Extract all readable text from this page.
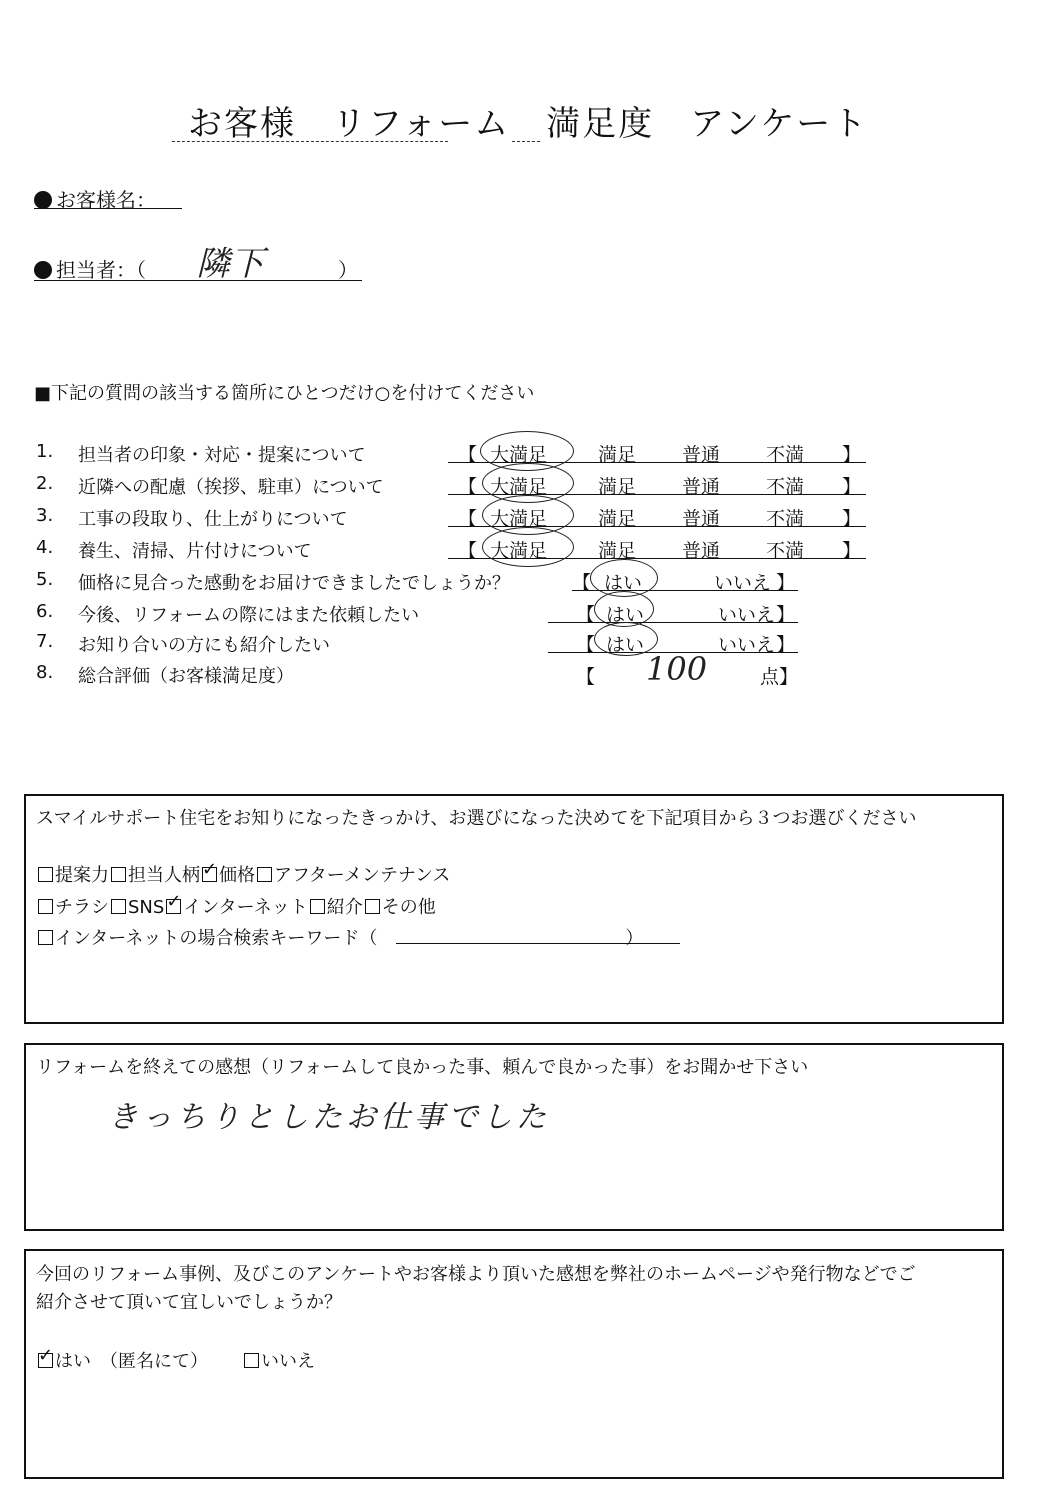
お客様　リフォーム　満足度　アンケート
お客様名：
担当者：（ 隣下	）
■下記の質問の該当する箇所にひとつだけ○を付けてください
1. 担当者の印象・対応・提案について	【 大満足	満足 普通 不満 】
2. 近隣への配慮（挨拶、駐車）について	【 大満足	満足 普通 不満 】
3. 工事の段取り、仕上がりについて	【 大満足	満足 普通 不満 】
4. 養生、清掃、片付けについて	【 大満足	満足 普通 不満 】
5. 価格に見合った感動をお届けできましたでしょうか？	【 はい	いいえ 】
6. 今後、リフォームの際にはまた依頼したい	【 はい	いいえ 】
7. お知り合いの方にも紹介したい	【 はい	いいえ 】
8. 総合評価（お客様満足度）	【 100	点】
スマイルサポート住宅をお知りになったきっかけ、お選びになった決めてを下記項目から３つお選びください
提案力 担当人柄 ✓ 価格 アフターメンテナンス
チラシ SNS ✓ インターネット 紹介 その他
インターネットの場合検索キーワード（	）
リフォームを終えての感想（リフォームして良かった事、頼んで良かった事）をお聞かせ下さい
きっちりとしたお仕事でした
今回のリフォーム事例、及びこのアンケートやお客様より頂いた感想を弊社のホームページや発行物などでご
紹介させて頂いて宜しいでしょうか？
✓はい　（匿名にて）	いいえ
